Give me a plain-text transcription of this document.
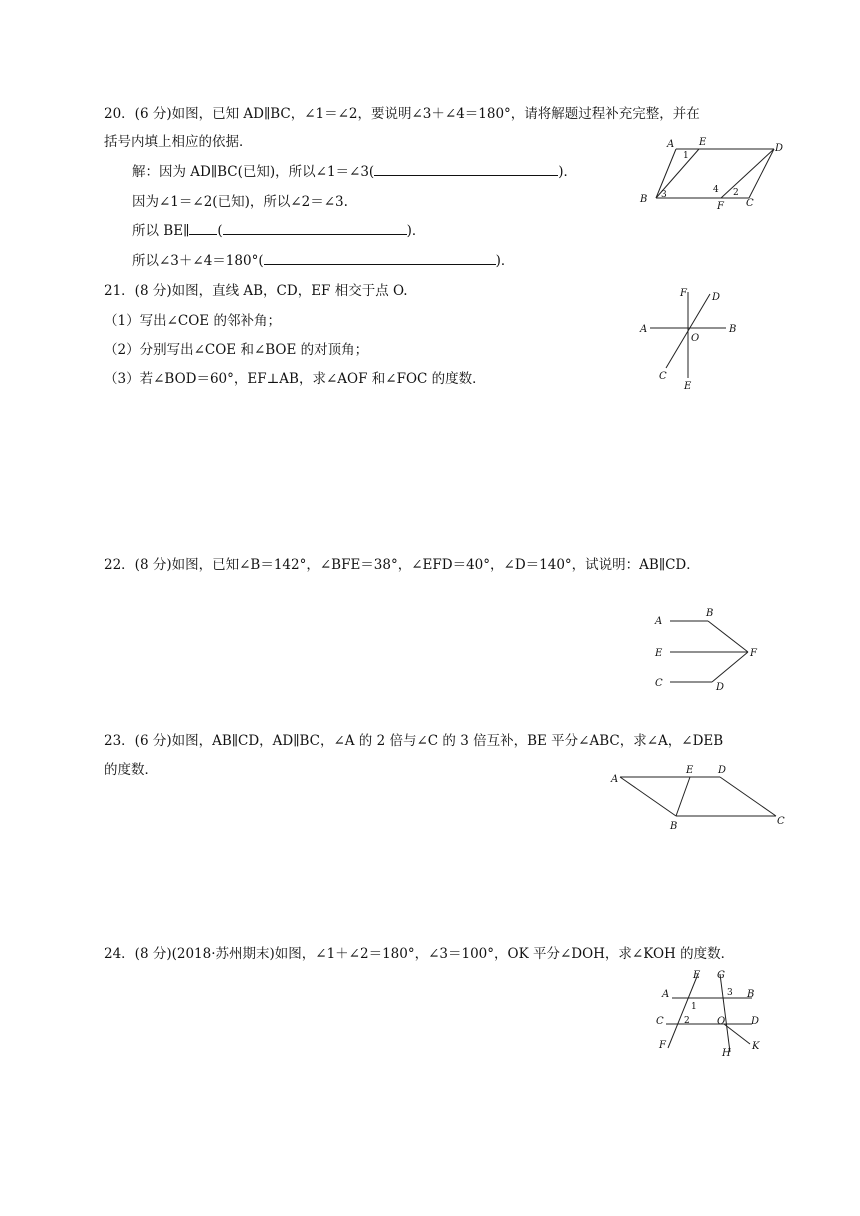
20．(6 分)如图，已知 AD∥BC，∠1＝∠2，要说明∠3＋∠4＝180°，请将解题过程补充完整，并在
括号内填上相应的依据．
解：因为 AD∥BC(已知)，所以∠1＝∠3(	)．
因为∠1＝∠2(已知)，所以∠2＝∠3.
所以 BE∥ (	)．
所以∠3＋∠4＝180°(	)．
A E
D
B
F C
1
2
3	4
21．(8 分)如图，直线 AB，CD，EF 相交于点 O.
（1）写出∠COE 的邻补角；
（2）分别写出∠COE 和∠BOE 的对顶角；
（3）若∠BOD＝60°，EF⊥AB，求∠AOF 和∠FOC 的度数．
F	D
A
O
B
C
E
22．(8 分)如图，已知∠B＝142°，∠BFE＝38°，∠EFD＝40°，∠D＝140°，试说明：AB∥CD．
A
B
E	F
C	D
23．(6 分)如图，AB∥CD，AD∥BC，∠A 的 2 倍与∠C 的 3 倍互补，BE 平分∠ABC，求∠A，∠DEB
的度数．
A
E D
B	C
24．(8 分)(2018·苏州期末)如图，∠1＋∠2＝180°，∠3＝100°，OK 平分∠DOH，求∠KOH 的度数．
E G
A	3 B
1
C 2	O	D
F
H
K
